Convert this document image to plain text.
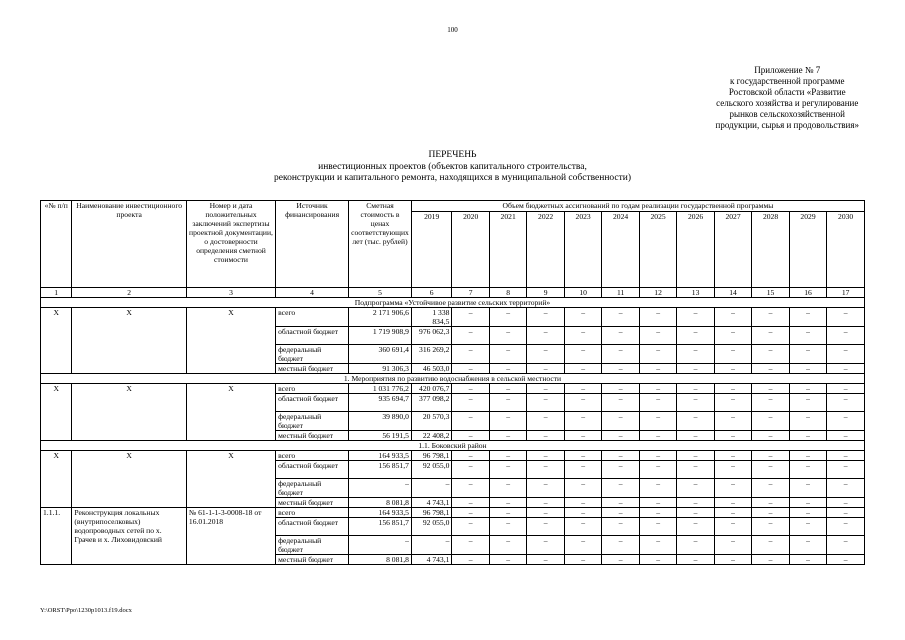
100
Приложение № 7
к государственной программе
Ростовской области «Развитие
сельского хозяйства и регулирование
рынков сельскохозяйственной
продукции, сырья и продовольствия»
ПЕРЕЧЕНЬ
инвестиционных проектов (объектов капитального строительства,
реконструкции и капитального ремонта, находящихся в муниципальной собственности)
«№ п/п	Наименование инвестиционного проекта	Номер и дата положительных заключений экспертизы проектной документации, о достоверности определения сметной стоимости	Источник финансирования	Сметная стоимость в ценах соответствующих лет (тыс. рублей)	Объем бюджетных ассигнований по годам реализации государственной программы											
					2019	2020	2021	2022	2023	2024	2025	2026	2027	2028	2029	2030
1	2	3	4	5	6	7	8	9	10	11	12	13	14	15	16	17
Подпрограмма «Устойчивое развитие сельских территорий»																
Х	Х	Х	всего	2 171 906,6	1 338 834,5	–	–	–	–	–	–	–	–	–	–	–
			областной бюджет	1 719 908,9	976 062,3	–	–	–	–	–	–	–	–	–	–	–
			федеральный бюджет	360 691,4	316 269,2	–	–	–	–	–	–	–	–	–	–	–
			местный бюджет	91 306,3	46 503,0	–	–	–	–	–	–	–	–	–	–	–
1. Мероприятия по развитию водоснабжения в сельской местности																
Х	Х	Х	всего	1 031 776,2	420 076,7	–	–	–	–	–	–	–	–	–	–	–
			областной бюджет	935 694,7	377 098,2	–	–	–	–	–	–	–	–	–	–	–
			федеральный бюджет	39 890,0	20 570,3	–	–	–	–	–	–	–	–	–	–	–
			местный бюджет	56 191,5	22 408,2	–	–	–	–	–	–	–	–	–	–	–
1.1. Боковский район																
Х	Х	Х	всего	164 933,5	96 798,1	–	–	–	–	–	–	–	–	–	–	–
			областной бюджет	156 851,7	92 055,0	–	–	–	–	–	–	–	–	–	–	–
			федеральный бюджет	–	–	–	–	–	–	–	–	–	–	–	–	–
			местный бюджет	8 081,8	4 743,1	–	–	–	–	–	–	–	–	–	–	–
1.1.1.	Реконструкция локальных (внутрипоселковых) водопроводных сетей по х. Грачев и х. Лиховидовский	№ 61-1-1-3-0008-18 от 16.01.2018	всего	164 933,5	96 798,1	–	–	–	–	–	–	–	–	–	–	–
			областной бюджет	156 851,7	92 055,0	–	–	–	–	–	–	–	–	–	–	–
			федеральный бюджет	–	–	–	–	–	–	–	–	–	–	–	–	–
			местный бюджет	8 081,8	4 743,1	–	–	–	–	–	–	–	–	–	–	–
Y:\ORST\Ppo\1230p1013.f19.docx
